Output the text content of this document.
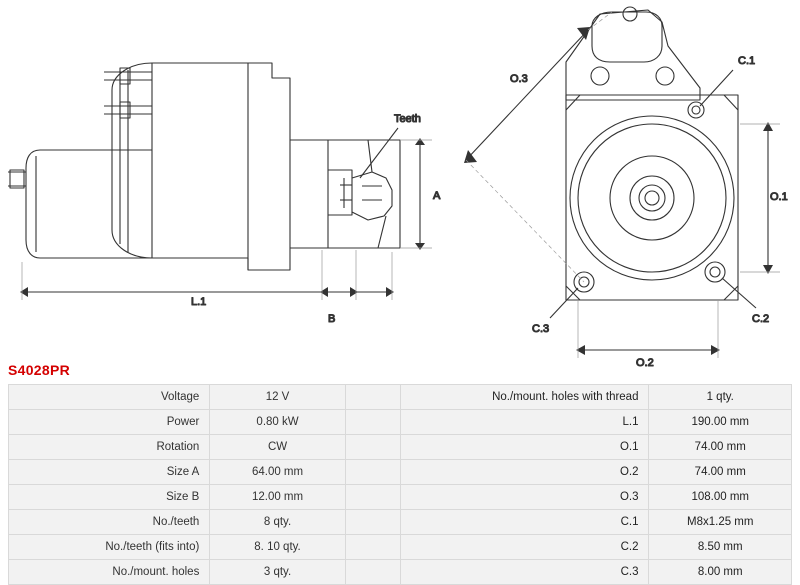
Teeth
A
L.1
B
O.3
O.1
O.2
C.1
C.2
C.3
S4028PR
Voltage	12 V		No./mount. holes with thread	1 qty.
Power	0.80 kW		L.1	190.00 mm
Rotation	CW		O.1	74.00 mm
Size A	64.00 mm		O.2	74.00 mm
Size B	12.00 mm		O.3	108.00 mm
No./teeth	8 qty.		C.1	M8x1.25 mm
No./teeth (fits into)	8. 10 qty.		C.2	8.50 mm
No./mount. holes	3 qty.		C.3	8.00 mm
